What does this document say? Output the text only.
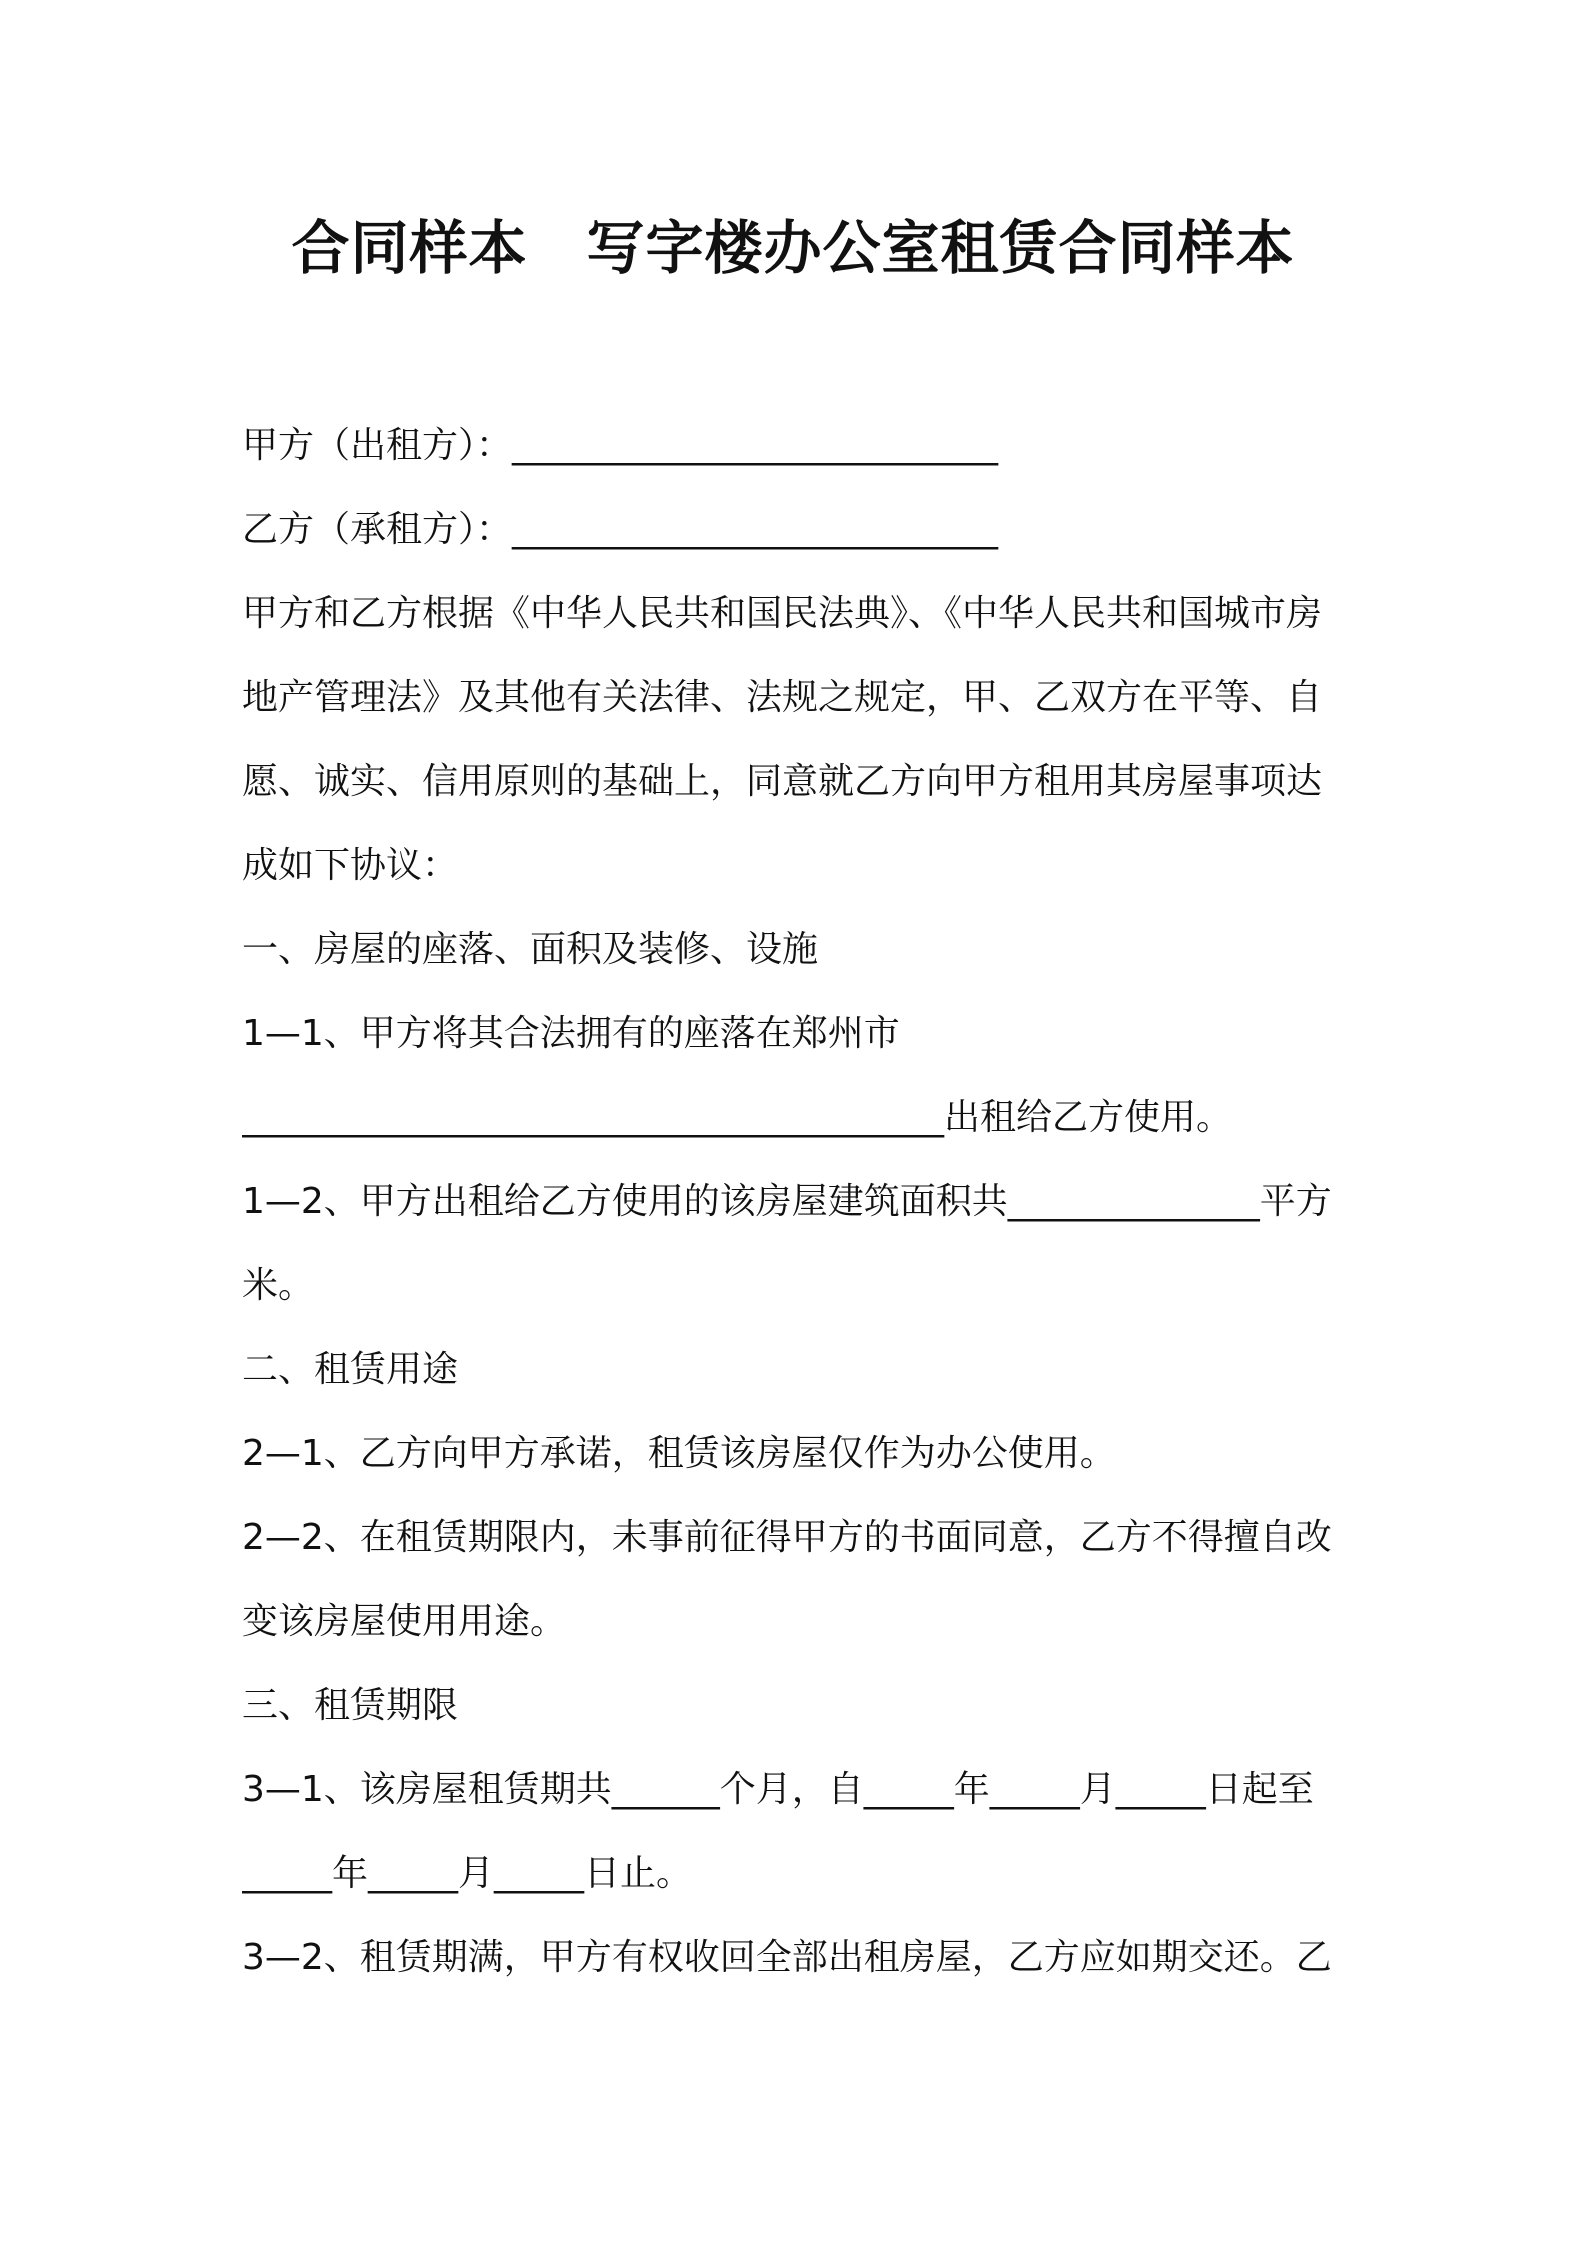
合同样本　写字楼办公室租赁合同样本
甲方（出租方）：___________________________
乙方（承租方）：___________________________
甲方和乙方根据《中华人民共和国民法典》、《中华人民共和国城市房
地产管理法》及其他有关法律、法规之规定，甲、乙双方在平等、自
愿、诚实、信用原则的基础上，同意就乙方向甲方租用其房屋事项达
成如下协议：
一、房屋的座落、面积及装修、设施
1—1、甲方将其合法拥有的座落在郑州市
_______________________________________出租给乙方使用。
1—2、甲方出租给乙方使用的该房屋建筑面积共______________平方
米。
二、租赁用途
2—1、乙方向甲方承诺，租赁该房屋仅作为办公使用。
2—2、在租赁期限内，未事前征得甲方的书面同意，乙方不得擅自改
变该房屋使用用途。
三、租赁期限
3—1、该房屋租赁期共______个月，自_____年_____月_____日起至
_____年_____月_____日止。
3—2、租赁期满，甲方有权收回全部出租房屋，乙方应如期交还。乙
